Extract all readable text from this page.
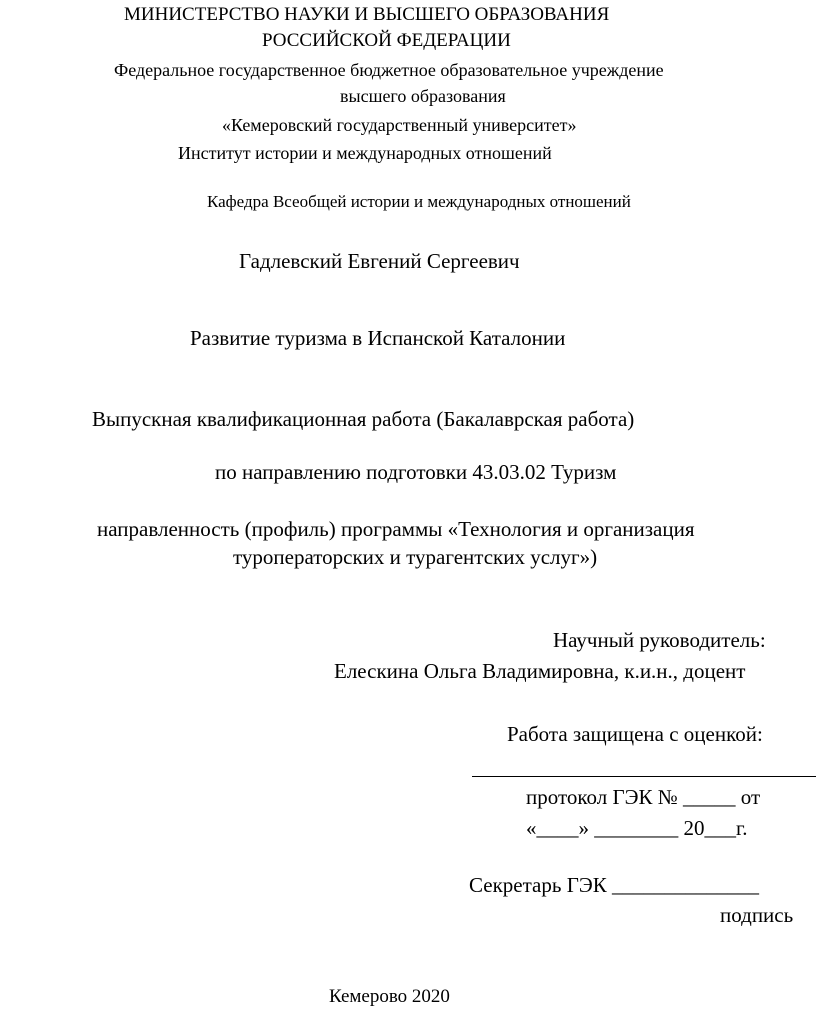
МИНИСТЕРСТВО НАУКИ И ВЫСШЕГО ОБРАЗОВАНИЯ
РОССИЙСКОЙ ФЕДЕРАЦИИ
Федеральное государственное бюджетное образовательное учреждение
высшего образования
«Кемеровский государственный университет»
Институт истории и международных отношений
Кафедра Всеобщей истории и международных отношений
Гадлевский Евгений Сергеевич
Развитие туризма в Испанской Каталонии
Выпускная квалификационная работа (Бакалаврская работа)
по направлению подготовки 43.03.02 Туризм
направленность (профиль) программы «Технология и организация
туроператорских и турагентских услуг»)
Научный руководитель:
Елескина Ольга Владимировна, к.и.н., доцент
Работа защищена с оценкой:
протокол ГЭК № _____ от
«____» ________ 20___г.
Секретарь ГЭК ______________
подпись
Кемерово 2020
